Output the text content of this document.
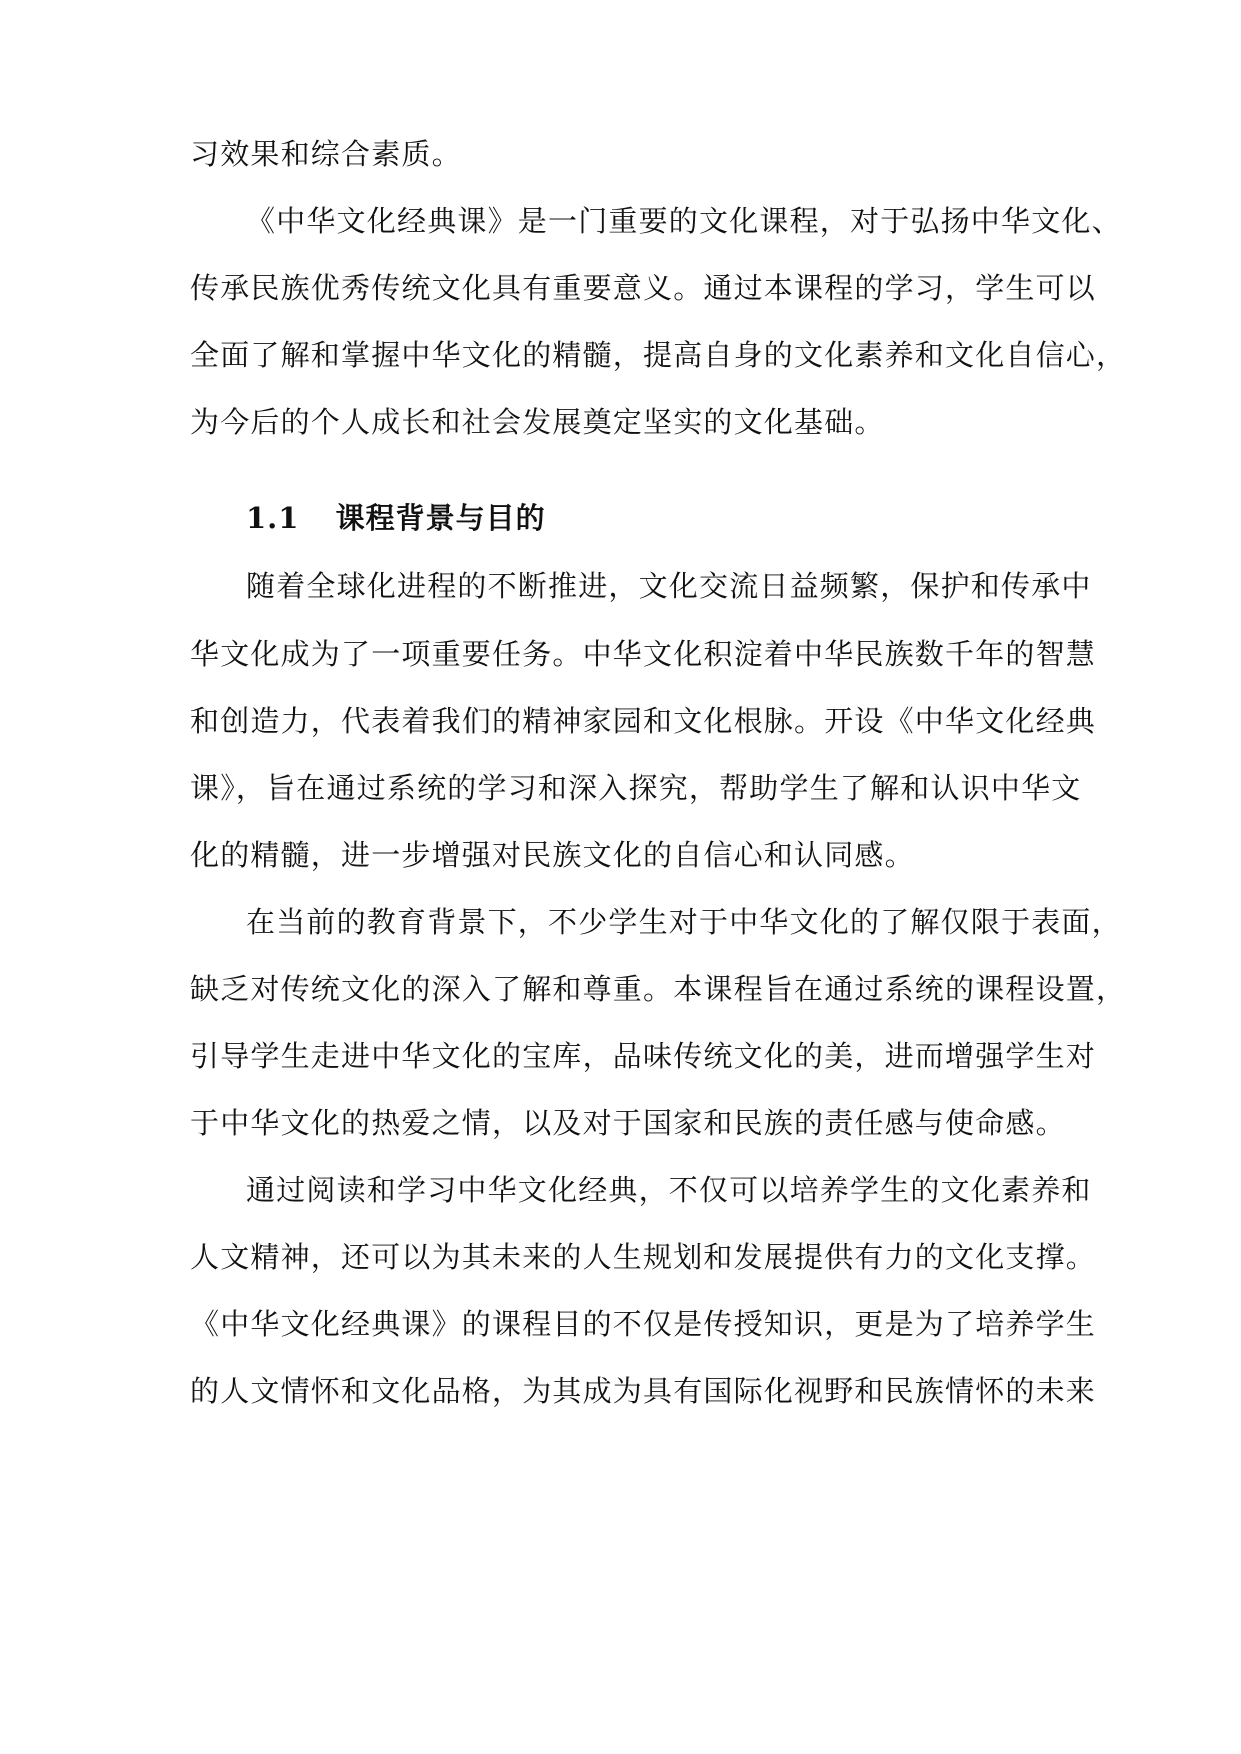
习效果和综合素质。
《中华文化经典课》是一门重要的文化课程，对于弘扬中华文化、
传承民族优秀传统文化具有重要意义。通过本课程的学习，学生可以
全面了解和掌握中华文化的精髓，提高自身的文化素养和文化自信心，
为今后的个人成长和社会发展奠定坚实的文化基础。
1.1 课程背景与目的
随着全球化进程的不断推进，文化交流日益频繁，保护和传承中
华文化成为了一项重要任务。中华文化积淀着中华民族数千年的智慧
和创造力，代表着我们的精神家园和文化根脉。开设《中华文化经典
课》，旨在通过系统的学习和深入探究，帮助学生了解和认识中华文
化的精髓，进一步增强对民族文化的自信心和认同感。
在当前的教育背景下，不少学生对于中华文化的了解仅限于表面，
缺乏对传统文化的深入了解和尊重。本课程旨在通过系统的课程设置，
引导学生走进中华文化的宝库，品味传统文化的美，进而增强学生对
于中华文化的热爱之情，以及对于国家和民族的责任感与使命感。
通过阅读和学习中华文化经典，不仅可以培养学生的文化素养和
人文精神，还可以为其未来的人生规划和发展提供有力的文化支撑。
《中华文化经典课》的课程目的不仅是传授知识，更是为了培养学生
的人文情怀和文化品格，为其成为具有国际化视野和民族情怀的未来
